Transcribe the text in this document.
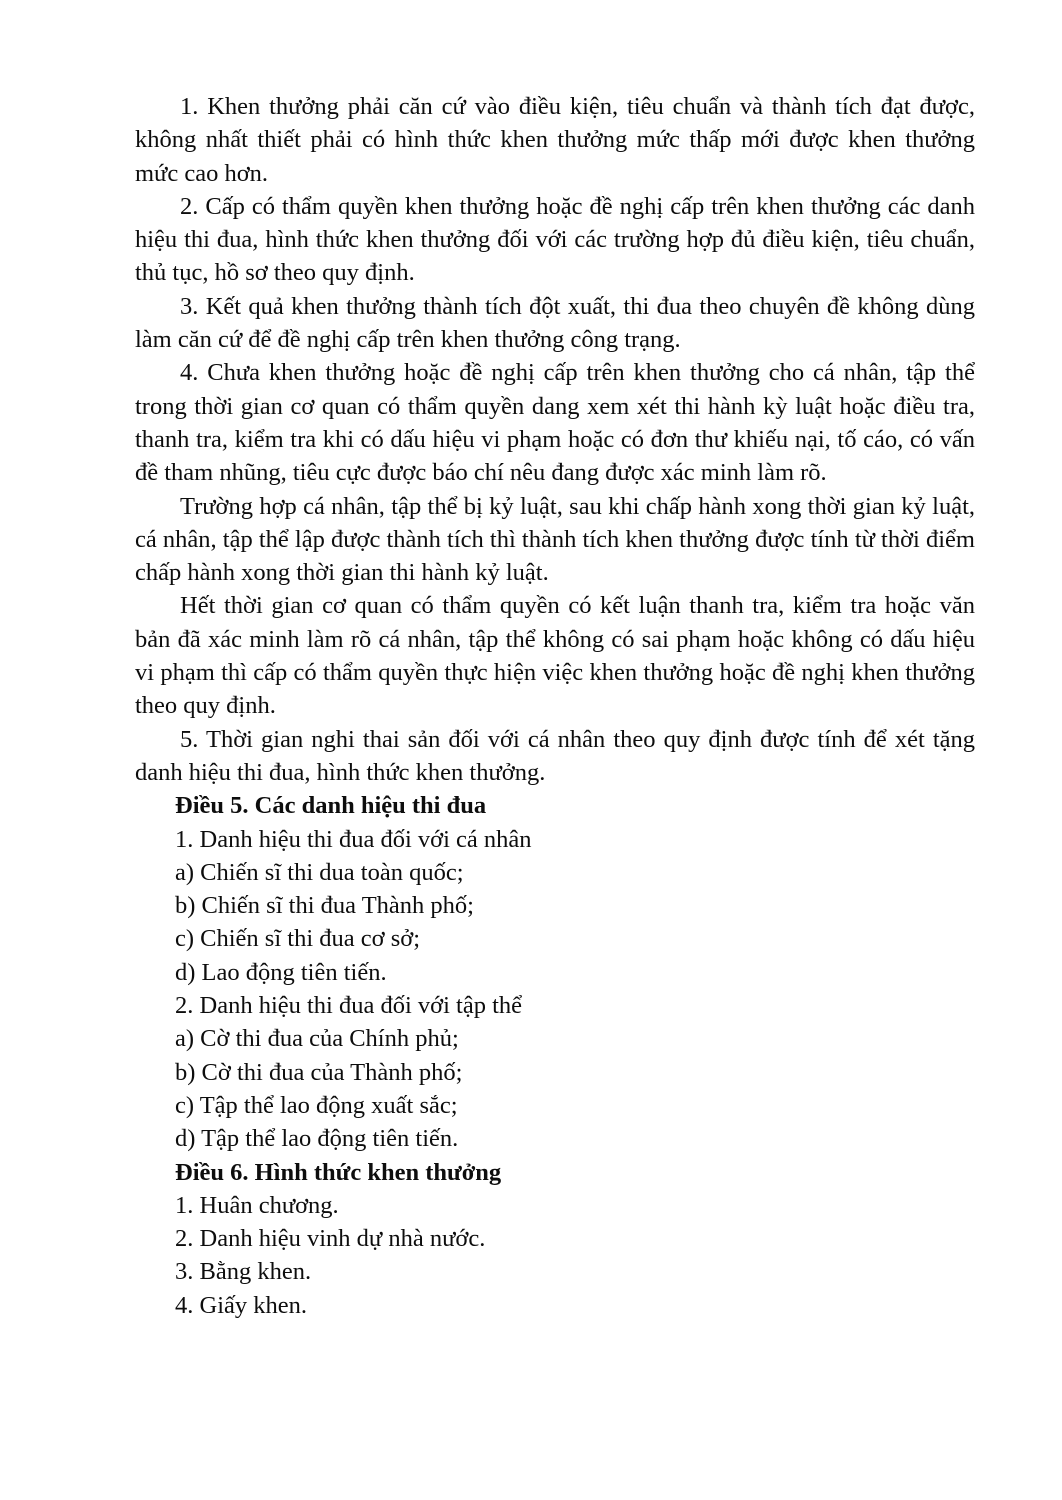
1. Khen thưởng phải căn cứ vào điều kiện, tiêu chuẩn và thành tích đạt được, không nhất thiết phải có hình thức khen thưởng mức thấp mới được khen thưởng mức cao hơn.

2. Cấp có thẩm quyền khen thưởng hoặc đề nghị cấp trên khen thưởng các danh hiệu thi đua, hình thức khen thưởng đối với các trường hợp đủ điều kiện, tiêu chuẩn, thủ tục, hồ sơ theo quy định.

3. Kết quả khen thưởng thành tích đột xuất, thi đua theo chuyên đề không dùng làm căn cứ để đề nghị cấp trên khen thưởng công trạng.

4. Chưa khen thưởng hoặc đề nghị cấp trên khen thưởng cho cá nhân, tập thể trong thời gian cơ quan có thẩm quyền dang xem xét thi hành kỳ luật hoặc điều tra, thanh tra, kiểm tra khi có dấu hiệu vi phạm hoặc có đơn thư khiếu nại, tố cáo, có vấn đề tham nhũng, tiêu cực được báo chí nêu đang được xác minh làm rõ.

Trường hợp cá nhân, tập thể bị kỷ luật, sau khi chấp hành xong thời gian kỷ luật, cá nhân, tập thể lập được thành tích thì thành tích khen thưởng được tính từ thời điểm chấp hành xong thời gian thi hành kỷ luật.

Hết thời gian cơ quan có thẩm quyền có kết luận thanh tra, kiểm tra hoặc văn bản đã xác minh làm rõ cá nhân, tập thể không có sai phạm hoặc không có dấu hiệu vi phạm thì cấp có thẩm quyền thực hiện việc khen thưởng hoặc đề nghị khen thưởng theo quy định.

5. Thời gian nghi thai sản đối với cá nhân theo quy định được tính để xét tặng danh hiệu thi đua, hình thức khen thưởng.

Điều 5. Các danh hiệu thi đua

1. Danh hiệu thi đua đối với cá nhân

a) Chiến sĩ thi dua toàn quốc;

b) Chiến sĩ thi đua Thành phố;

c) Chiến sĩ thi đua cơ sở;

d) Lao động tiên tiến.

2. Danh hiệu thi đua đối với tập thể

a) Cờ thi đua của Chính phủ;

b) Cờ thi đua của Thành phố;

c) Tập thể lao động xuất sắc;

d) Tập thể lao động tiên tiến.

Điều 6. Hình thức khen thưởng

1. Huân chương.

2. Danh hiệu vinh dự nhà nước.

3. Bằng khen.

4. Giấy khen.
